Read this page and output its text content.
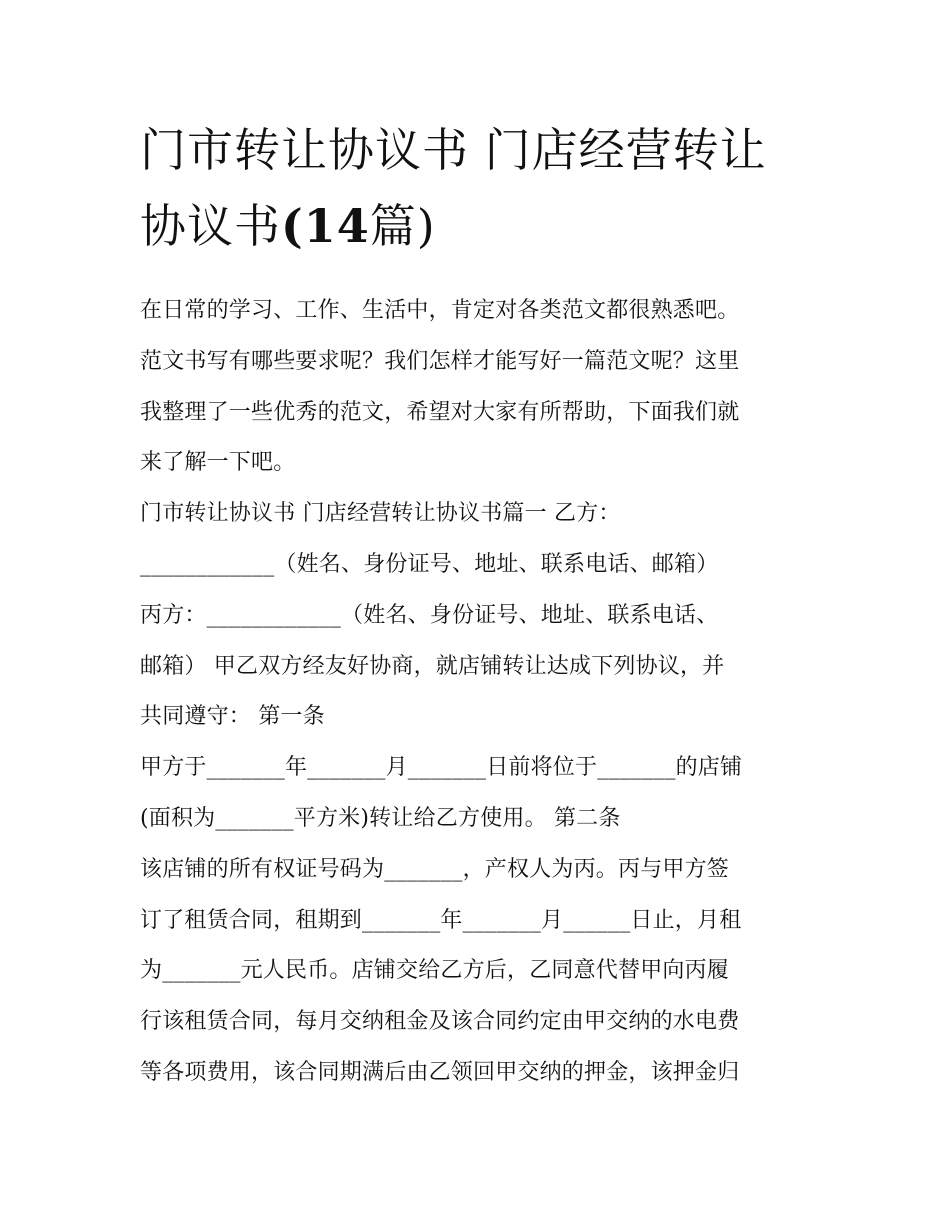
门市转让协议书 门店经营转让
协议书(14篇)
在日常的学习、工作、生活中，肯定对各类范文都很熟悉吧。
范文书写有哪些要求呢？我们怎样才能写好一篇范文呢？这里
我整理了一些优秀的范文，希望对大家有所帮助，下面我们就
来了解一下吧。
门市转让协议书 门店经营转让协议书篇一 乙方：
____________（姓名、身份证号、地址、联系电话、邮箱）
丙方：____________（姓名、身份证号、地址、联系电话、
邮箱） 甲乙双方经友好协商，就店铺转让达成下列协议，并
共同遵守： 第一条
甲方于_______年_______月_______日前将位于_______的店铺
(面积为_______平方米)转让给乙方使用。 第二条
该店铺的所有权证号码为_______，产权人为丙。丙与甲方签
订了租赁合同，租期到_______年_______月______日止，月租
为_______元人民币。店铺交给乙方后，乙同意代替甲向丙履
行该租赁合同，每月交纳租金及该合同约定由甲交纳的水电费
等各项费用，该合同期满后由乙领回甲交纳的押金，该押金归
